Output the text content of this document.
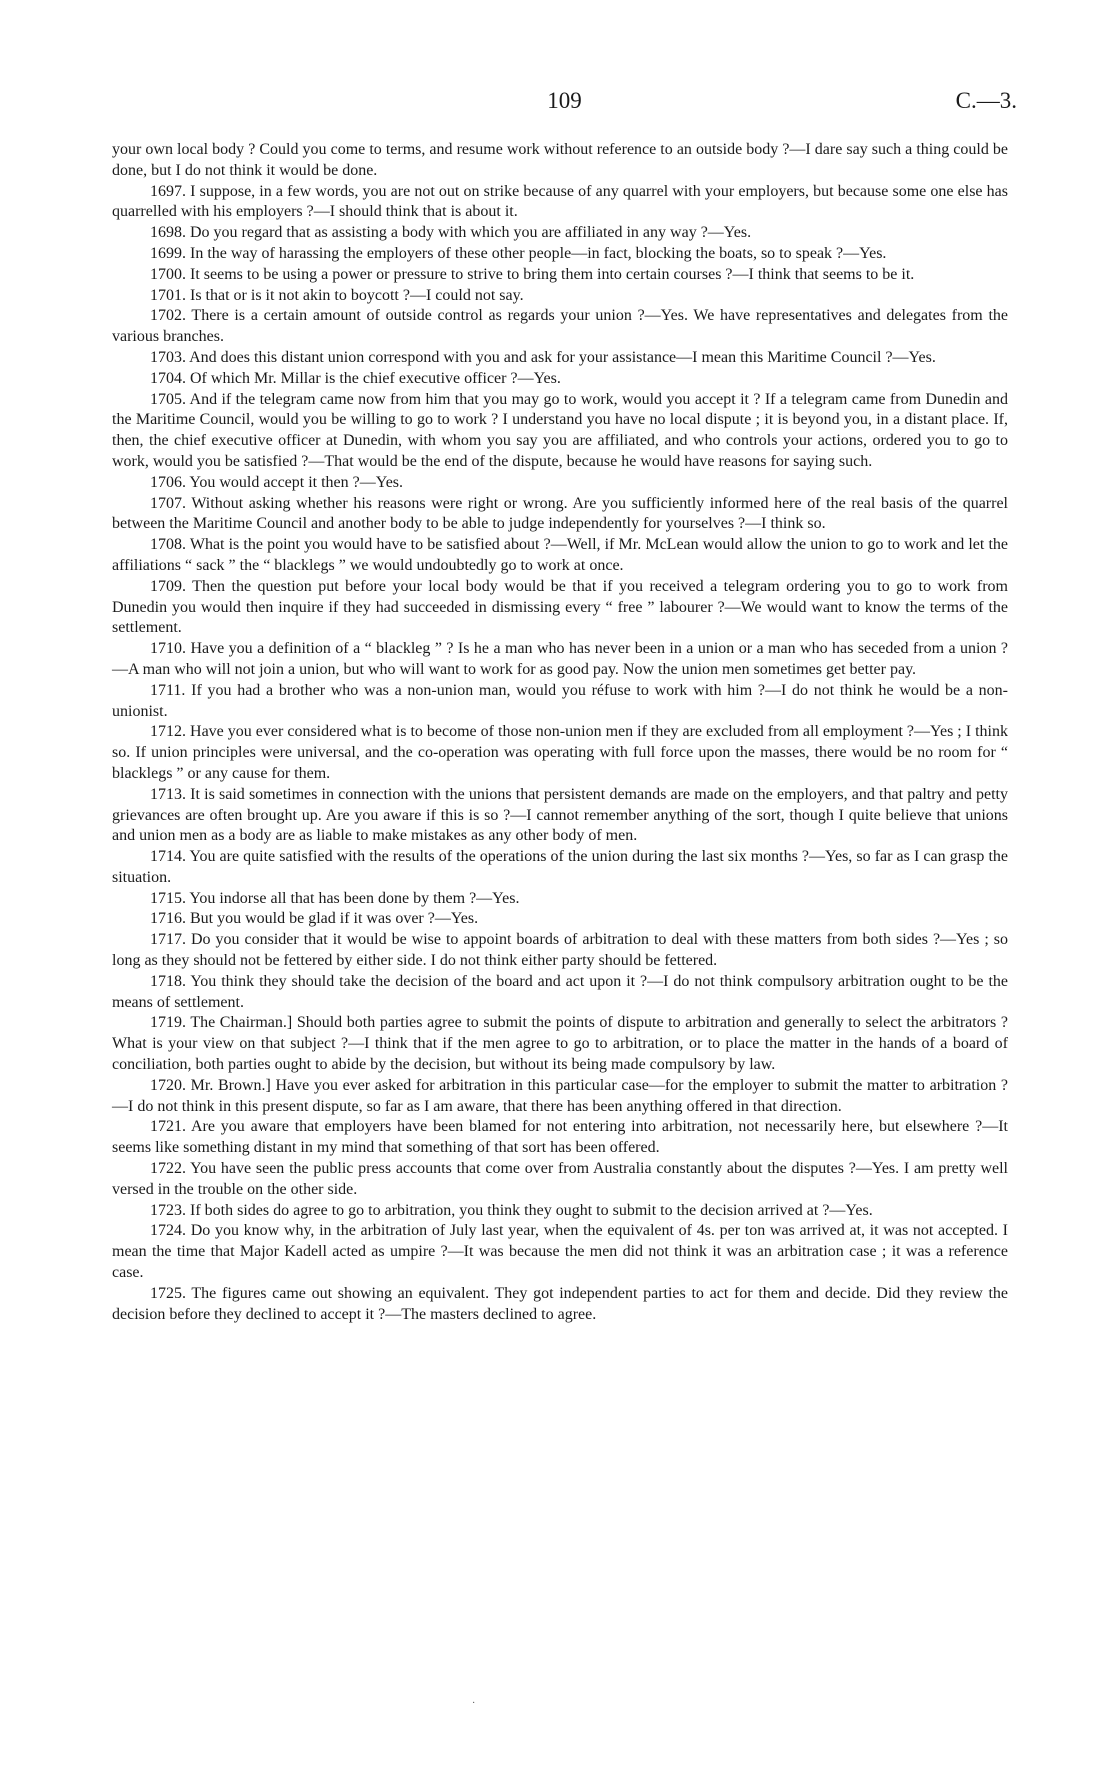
109	C.—3.

your own local body ? Could you come to terms, and resume work without reference to an outside body ?—I dare say such a thing could be done, but I do not think it would be done.

1697. I suppose, in a few words, you are not out on strike because of any quarrel with your employers, but because some one else has quarrelled with his employers ?—I should think that is about it.

1698. Do you regard that as assisting a body with which you are affiliated in any way ?—Yes.

1699. In the way of harassing the employers of these other people—in fact, blocking the boats, so to speak ?—Yes.

1700. It seems to be using a power or pressure to strive to bring them into certain courses ?—I think that seems to be it.

1701. Is that or is it not akin to boycott ?—I could not say.

1702. There is a certain amount of outside control as regards your union ?—Yes. We have representatives and delegates from the various branches.

1703. And does this distant union correspond with you and ask for your assistance—I mean this Maritime Council ?—Yes.

1704. Of which Mr. Millar is the chief executive officer ?—Yes.

1705. And if the telegram came now from him that you may go to work, would you accept it ? If a telegram came from Dunedin and the Maritime Council, would you be willing to go to work ? I understand you have no local dispute ; it is beyond you, in a distant place. If, then, the chief executive officer at Dunedin, with whom you say you are affiliated, and who controls your actions, ordered you to go to work, would you be satisfied ?—That would be the end of the dispute, because he would have reasons for saying such.

1706. You would accept it then ?—Yes.

1707. Without asking whether his reasons were right or wrong. Are you sufficiently informed here of the real basis of the quarrel between the Maritime Council and another body to be able to judge independently for yourselves ?—I think so.

1708. What is the point you would have to be satisfied about ?—Well, if Mr. McLean would allow the union to go to work and let the affiliations “ sack ” the “ blacklegs ” we would undoubtedly go to work at once.

1709. Then the question put before your local body would be that if you received a telegram ordering you to go to work from Dunedin you would then inquire if they had succeeded in dismissing every “ free ” labourer ?—We would want to know the terms of the settlement.

1710. Have you a definition of a “ blackleg ” ? Is he a man who has never been in a union or a man who has seceded from a union ?—A man who will not join a union, but who will want to work for as good pay. Now the union men sometimes get better pay.

1711. If you had a brother who was a non-union man, would you réfuse to work with him ?—I do not think he would be a non-unionist.

1712. Have you ever considered what is to become of those non-union men if they are excluded from all employment ?—Yes ; I think so. If union principles were universal, and the co-operation was operating with full force upon the masses, there would be no room for “ blacklegs ” or any cause for them.

1713. It is said sometimes in connection with the unions that persistent demands are made on the employers, and that paltry and petty grievances are often brought up. Are you aware if this is so ?—I cannot remember anything of the sort, though I quite believe that unions and union men as a body are as liable to make mistakes as any other body of men.

1714. You are quite satisfied with the results of the operations of the union during the last six months ?—Yes, so far as I can grasp the situation.

1715. You indorse all that has been done by them ?—Yes.

1716. But you would be glad if it was over ?—Yes.

1717. Do you consider that it would be wise to appoint boards of arbitration to deal with these matters from both sides ?—Yes ; so long as they should not be fettered by either side. I do not think either party should be fettered.

1718. You think they should take the decision of the board and act upon it ?—I do not think compulsory arbitration ought to be the means of settlement.

1719. The Chairman.] Should both parties agree to submit the points of dispute to arbitration and generally to select the arbitrators ? What is your view on that subject ?—I think that if the men agree to go to arbitration, or to place the matter in the hands of a board of conciliation, both parties ought to abide by the decision, but without its being made compulsory by law.

1720. Mr. Brown.] Have you ever asked for arbitration in this particular case—for the employer to submit the matter to arbitration ?—I do not think in this present dispute, so far as I am aware, that there has been anything offered in that direction.

1721. Are you aware that employers have been blamed for not entering into arbitration, not necessarily here, but elsewhere ?—It seems like something distant in my mind that something of that sort has been offered.

1722. You have seen the public press accounts that come over from Australia constantly about the disputes ?—Yes. I am pretty well versed in the trouble on the other side.

1723. If both sides do agree to go to arbitration, you think they ought to submit to the decision arrived at ?—Yes.

1724. Do you know why, in the arbitration of July last year, when the equivalent of 4s. per ton was arrived at, it was not accepted. I mean the time that Major Kadell acted as umpire ?—It was because the men did not think it was an arbitration case ; it was a reference case.

1725. The figures came out showing an equivalent. They got independent parties to act for them and decide. Did they review the decision before they declined to accept it ?—The masters declined to agree.

·
